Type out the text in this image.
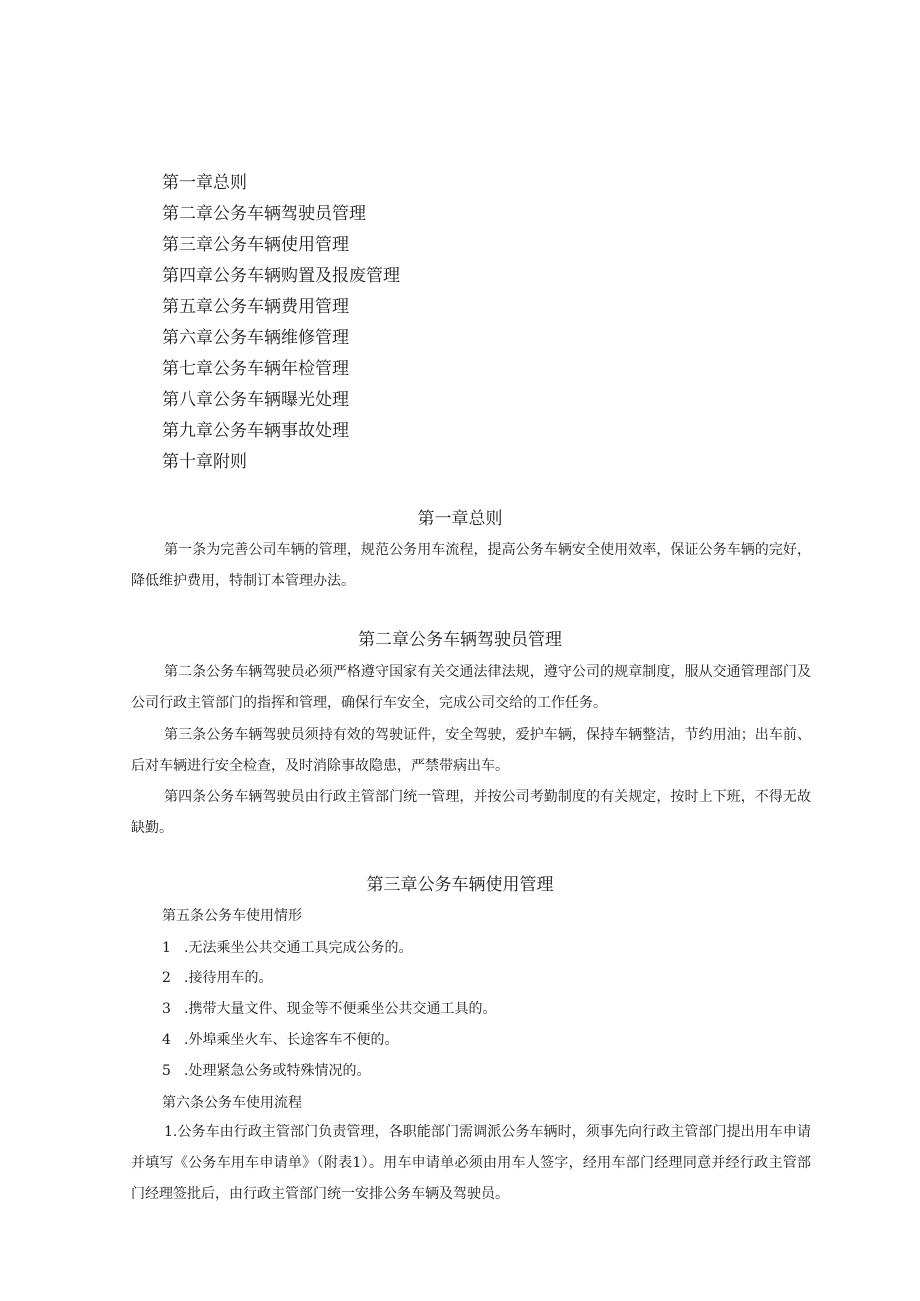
第一章总则
第二章公务车辆驾驶员管理
第三章公务车辆使用管理
第四章公务车辆购置及报废管理
第五章公务车辆费用管理
第六章公务车辆维修管理
第七章公务车辆年检管理
第八章公务车辆曝光处理
第九章公务车辆事故处理
第十章附则
第一章总则
第一条为完善公司车辆的管理，规范公务用车流程，提高公务车辆安全使用效率，保证公务车辆的完好，降低维护费用，特制订本管理办法。
第二章公务车辆驾驶员管理
第二条公务车辆驾驶员必须严格遵守国家有关交通法律法规，遵守公司的规章制度，服从交通管理部门及公司行政主管部门的指挥和管理，确保行车安全，完成公司交给的工作任务。
第三条公务车辆驾驶员须持有效的驾驶证件，安全驾驶，爱护车辆，保持车辆整洁，节约用油；出车前、后对车辆进行安全检查，及时消除事故隐患，严禁带病出车。
第四条公务车辆驾驶员由行政主管部门统一管理，并按公司考勤制度的有关规定，按时上下班，不得无故缺勤。
第三章公务车辆使用管理
第五条公务车使用情形
1 .无法乘坐公共交通工具完成公务的。
2 .接待用车的。
3 .携带大量文件、现金等不便乘坐公共交通工具的。
4 .外埠乘坐火车、长途客车不便的。
5 .处理紧急公务或特殊情况的。
第六条公务车使用流程
1.公务车由行政主管部门负责管理，各职能部门需调派公务车辆时，须事先向行政主管部门提出用车申请并填写《公务车用车申请单》（附表1）。用车申请单必须由用车人签字，经用车部门经理同意并经行政主管部门经理签批后，由行政主管部门统一安排公务车辆及驾驶员。
